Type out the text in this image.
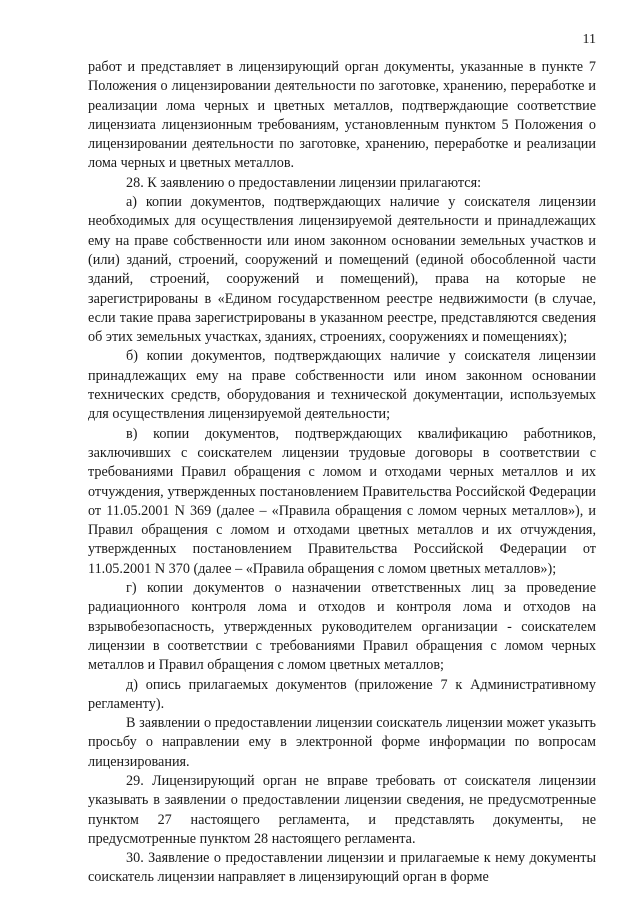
11

работ и представляет в лицензирующий орган документы, указанные в пункте 7 Положения о лицензировании деятельности по заготовке, хранению, переработке и реализации лома черных и цветных металлов, подтверждающие соответствие лицензиата лицензионным требованиям, установленным пунктом 5 Положения о лицензировании деятельности по заготовке, хранению, переработке и реализации лома черных и цветных металлов.

28. К заявлению о предоставлении лицензии прилагаются:

а) копии документов, подтверждающих наличие у соискателя лицензии необходимых для осуществления лицензируемой деятельности и принадлежащих ему на праве собственности или ином законном основании земельных участков и (или) зданий, строений, сооружений и помещений (единой обособленной части зданий, строений, сооружений и помещений), права на которые не зарегистрированы в «Едином государственном реестре недвижимости (в случае, если такие права зарегистрированы в указанном реестре, представляются сведения об этих земельных участках, зданиях, строениях, сооружениях и помещениях);

б) копии документов, подтверждающих наличие у соискателя лицензии принадлежащих ему на праве собственности или ином законном основании технических средств, оборудования и технической документации, используемых для осуществления лицензируемой деятельности;

в) копии документов, подтверждающих квалификацию работников, заключивших с соискателем лицензии трудовые договоры в соответствии с требованиями Правил обращения с ломом и отходами черных металлов и их отчуждения, утвержденных постановлением Правительства Российской Федерации от 11.05.2001 N 369 (далее – «Правила обращения с ломом черных металлов»), и Правил обращения с ломом и отходами цветных металлов и их отчуждения, утвержденных постановлением Правительства Российской Федерации от 11.05.2001 N 370 (далее – «Правила обращения с ломом цветных металлов»);

г) копии документов о назначении ответственных лиц за проведение радиационного контроля лома и отходов и контроля лома и отходов на взрывобезопасность, утвержденных руководителем организации - соискателем лицензии в соответствии с требованиями Правил обращения с ломом черных металлов и Правил обращения с ломом цветных металлов;

д) опись прилагаемых документов (приложение 7 к Административному регламенту).

В заявлении о предоставлении лицензии соискатель лицензии может указыть просьбу о направлении ему в электронной форме информации по вопросам лицензирования.

29. Лицензирующий орган не вправе требовать от соискателя лицензии указывать в заявлении о предоставлении лицензии сведения, не предусмотренные пунктом 27 настоящего регламента, и представлять документы, не предусмотренные пунктом 28 настоящего регламента.

30. Заявление о предоставлении лицензии и прилагаемые к нему документы соискатель лицензии направляет в лицензирующий орган в форме
